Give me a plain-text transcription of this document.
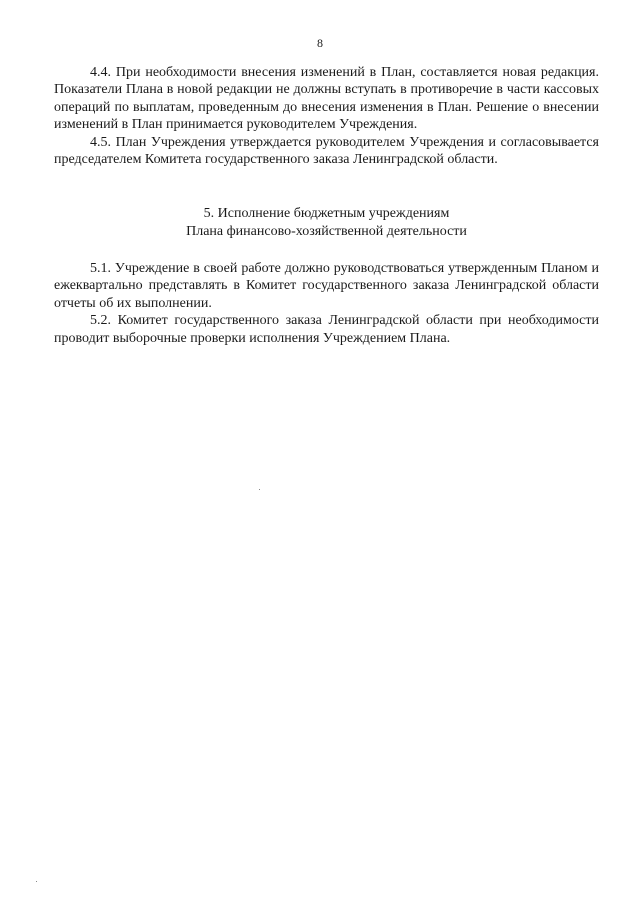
8

4.4. При необходимости внесения изменений в План, составляется новая редакция. Показатели Плана в новой редакции не должны вступать в противоречие в части кассовых операций по выплатам, проведенным до внесения изменения в План. Решение о внесении изменений в План принимается руководителем Учреждения.

4.5. План Учреждения утверждается руководителем Учреждения и согласовывается председателем Комитета государственного заказа Ленинградской области.

5. Исполнение бюджетным учреждениям
Плана финансово-хозяйственной деятельности

5.1. Учреждение в своей работе должно руководствоваться утвержденным Планом и ежеквартально представлять в Комитет государственного заказа Ленинградской области отчеты об их выполнении.

5.2. Комитет государственного заказа Ленинградской области при необходимости проводит выборочные проверки исполнения Учреждением Плана.
